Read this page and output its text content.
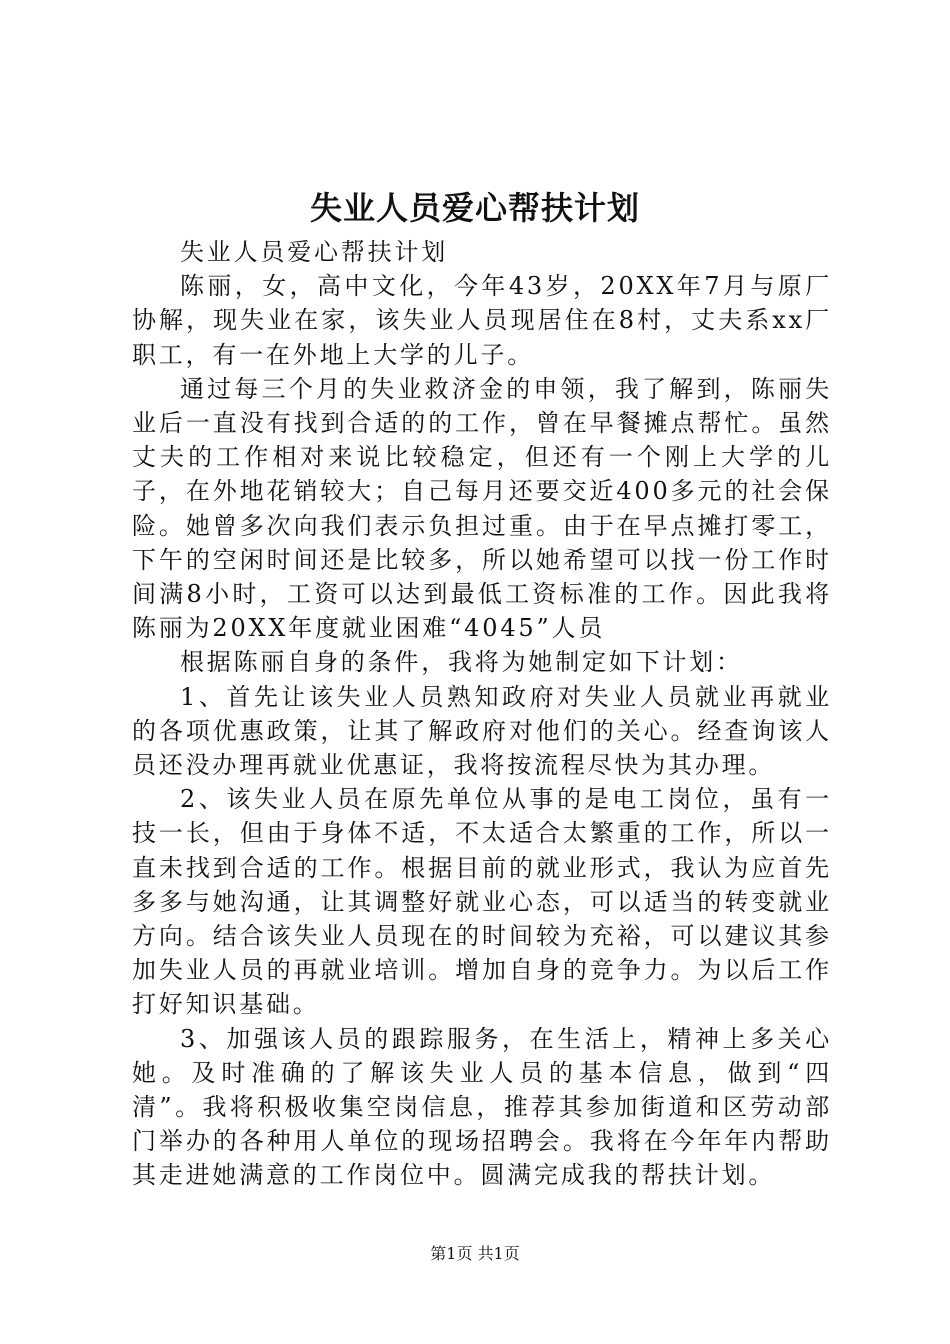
失业人员爱心帮扶计划

失业人员爱心帮扶计划

陈丽，女，高中文化，今年43岁，20XX年7月与原厂协解，现失业在家，该失业人员现居住在8村，丈夫系xx厂职工，有一在外地上大学的儿子。

通过每三个月的失业救济金的申领，我了解到，陈丽失业后一直没有找到合适的的工作，曾在早餐摊点帮忙。虽然丈夫的工作相对来说比较稳定，但还有一个刚上大学的儿子，在外地花销较大；自己每月还要交近400多元的社会保险。她曾多次向我们表示负担过重。由于在早点摊打零工，下午的空闲时间还是比较多，所以她希望可以找一份工作时间满8小时，工资可以达到最低工资标准的工作。因此我将陈丽为20XX年度就业困难“4045”人员

根据陈丽自身的条件，我将为她制定如下计划：

1、首先让该失业人员熟知政府对失业人员就业再就业的各项优惠政策，让其了解政府对他们的关心。经查询该人员还没办理再就业优惠证，我将按流程尽快为其办理。

2、该失业人员在原先单位从事的是电工岗位，虽有一技一长，但由于身体不适，不太适合太繁重的工作，所以一直未找到合适的工作。根据目前的就业形式，我认为应首先多多与她沟通，让其调整好就业心态，可以适当的转变就业方向。结合该失业人员现在的时间较为充裕，可以建议其参加失业人员的再就业培训。增加自身的竞争力。为以后工作打好知识基础。

3、加强该人员的跟踪服务，在生活上，精神上多关心她。及时准确的了解该失业人员的基本信息，做到“四清”。我将积极收集空岗信息，推荐其参加街道和区劳动部门举办的各种用人单位的现场招聘会。我将在今年年内帮助其走进她满意的工作岗位中。圆满完成我的帮扶计划。

第1页 共1页
